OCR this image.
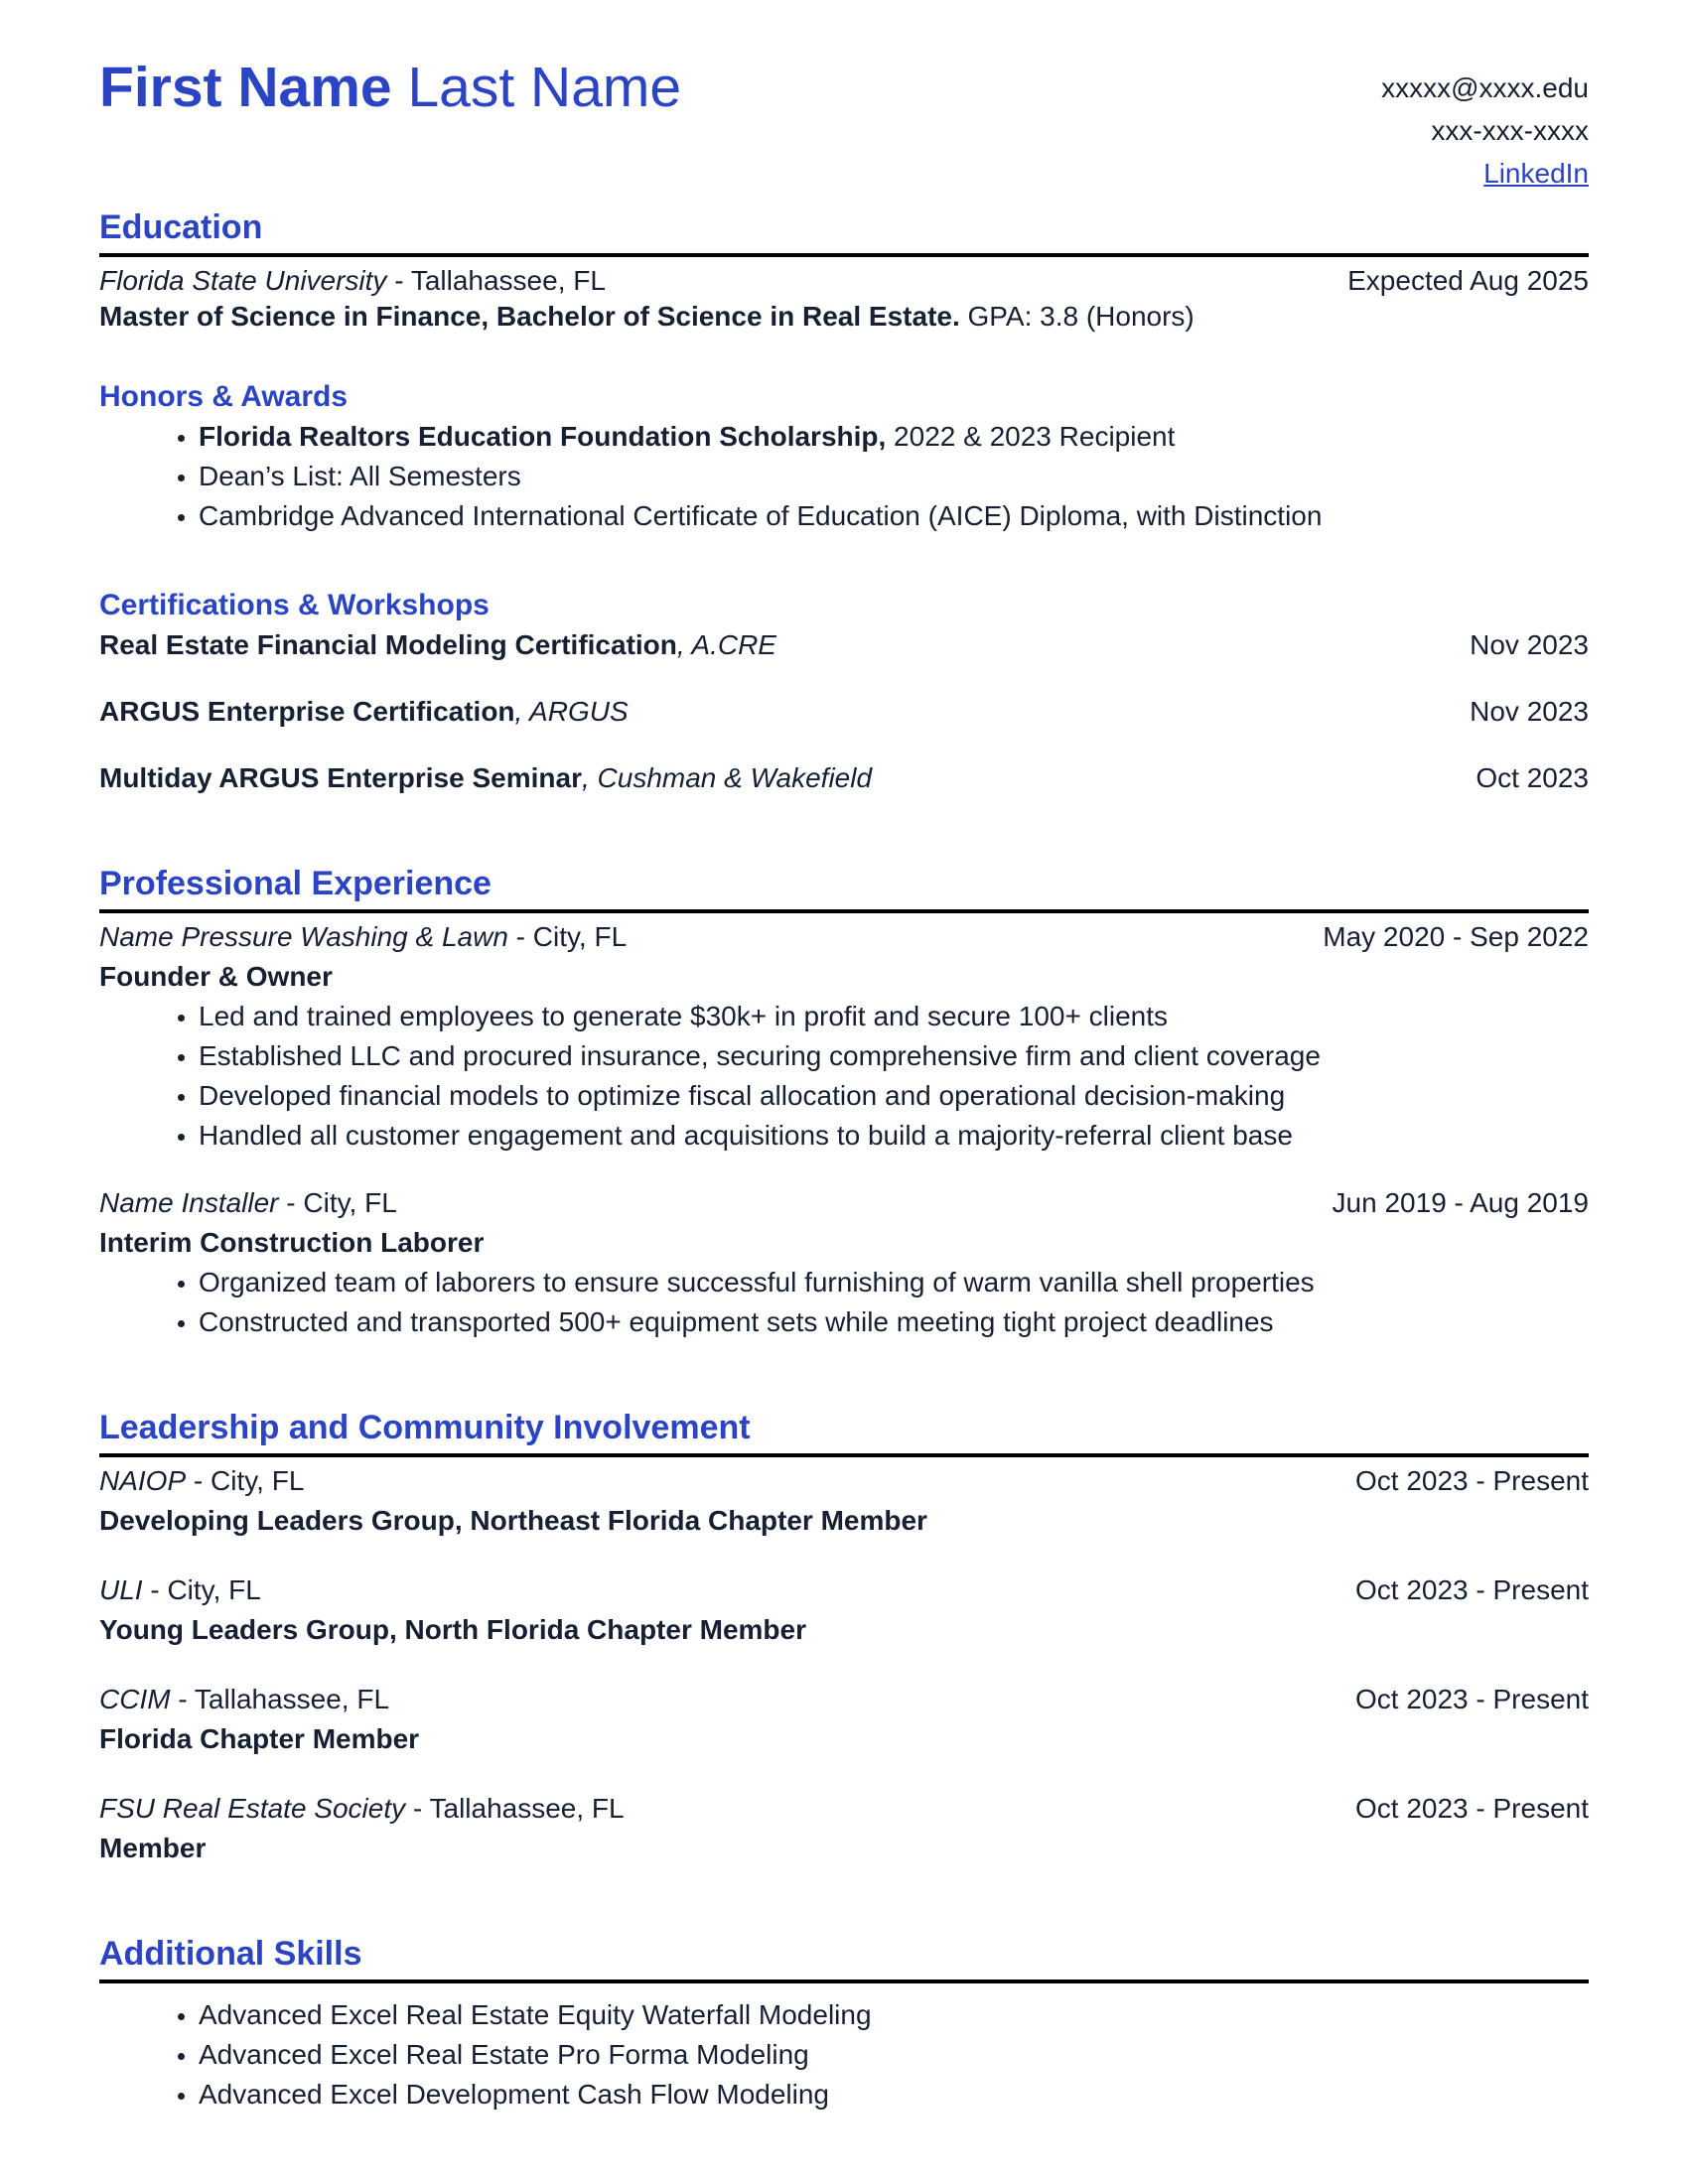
First Name Last Name	xxxxx@xxxx.edu
xxx-xxx-xxxx
LinkedIn
Education
Florida State University - Tallahassee, FL	Expected Aug 2025
Master of Science in Finance, Bachelor of Science in Real Estate. GPA: 3.8 (Honors)
Honors & Awards
• Florida Realtors Education Foundation Scholarship, 2022 & 2023 Recipient
• Dean’s List: All Semesters
• Cambridge Advanced International Certificate of Education (AICE) Diploma, with Distinction
Certifications & Workshops
Real Estate Financial Modeling Certification, A.CRE	Nov 2023
ARGUS Enterprise Certification, ARGUS	Nov 2023
Multiday ARGUS Enterprise Seminar, Cushman & Wakefield	Oct 2023
Professional Experience
Name Pressure Washing & Lawn - City, FL	May 2020 - Sep 2022
Founder & Owner
• Led and trained employees to generate $30k+ in profit and secure 100+ clients
• Established LLC and procured insurance, securing comprehensive firm and client coverage
• Developed financial models to optimize fiscal allocation and operational decision-making
• Handled all customer engagement and acquisitions to build a majority-referral client base
Name Installer - City, FL	Jun 2019 - Aug 2019
Interim Construction Laborer
• Organized team of laborers to ensure successful furnishing of warm vanilla shell properties
• Constructed and transported 500+ equipment sets while meeting tight project deadlines
Leadership and Community Involvement
NAIOP - City, FL	Oct 2023 - Present
Developing Leaders Group, Northeast Florida Chapter Member
ULI - City, FL	Oct 2023 - Present
Young Leaders Group, North Florida Chapter Member
CCIM - Tallahassee, FL	Oct 2023 - Present
Florida Chapter Member
FSU Real Estate Society - Tallahassee, FL	Oct 2023 - Present
Member
Additional Skills
• Advanced Excel Real Estate Equity Waterfall Modeling
• Advanced Excel Real Estate Pro Forma Modeling
• Advanced Excel Development Cash Flow Modeling
